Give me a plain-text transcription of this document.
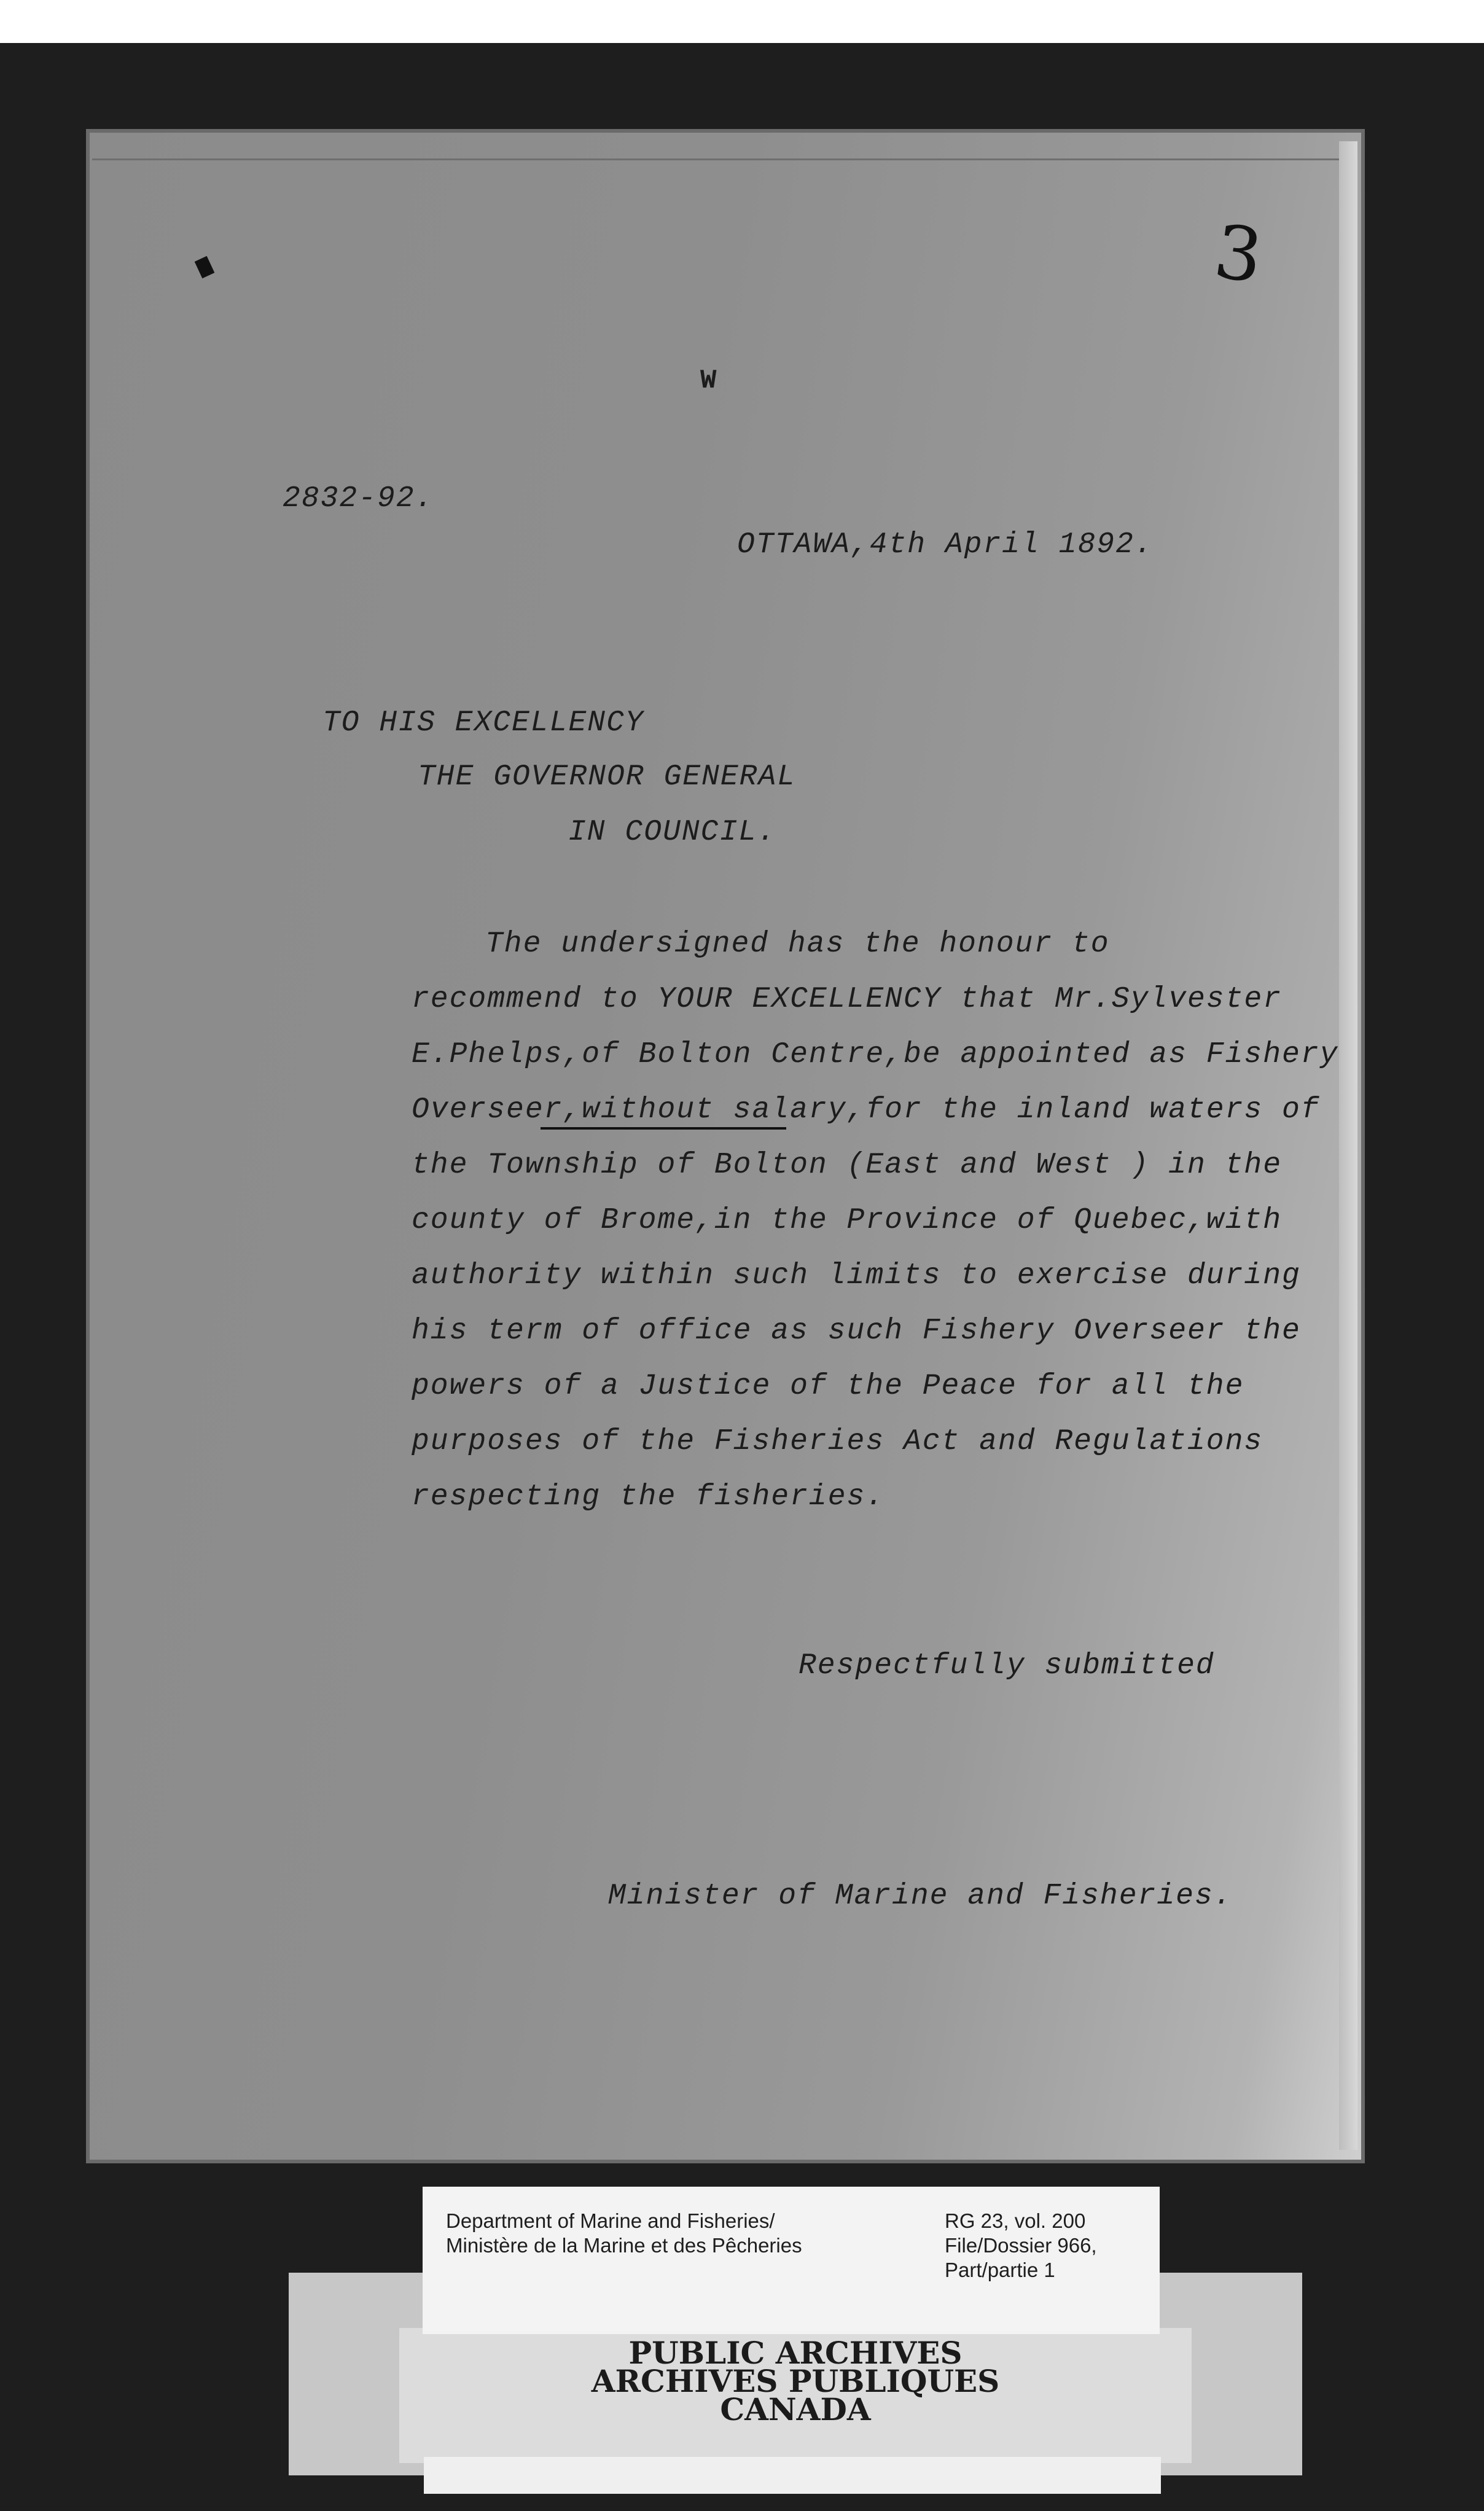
3
W
2832-92.
OTTAWA,4th April 1892.
TO HIS EXCELLENCY
THE GOVERNOR GENERAL
IN COUNCIL.
The undersigned has the honour to
recommend to YOUR EXCELLENCY that Mr.Sylvester
E.Phelps,of Bolton Centre,be appointed as Fishery
Overseer,without salary,for the inland waters of
the Township of Bolton (East and West ) in the
county of Brome,in the Province of Quebec,with
authority within such limits to exercise during
his term of office as such Fishery Overseer the
powers of a Justice of the Peace for all the
purposes of the Fisheries Act and Regulations
respecting the fisheries.
Respectfully submitted
Minister of Marine and Fisheries.
Department of Marine and Fisheries/
Ministère de la Marine et des Pêcheries
RG 23, vol. 200
File/Dossier 966,
Part/partie 1
PUBLIC ARCHIVES
ARCHIVES PUBLIQUES
CANADA
